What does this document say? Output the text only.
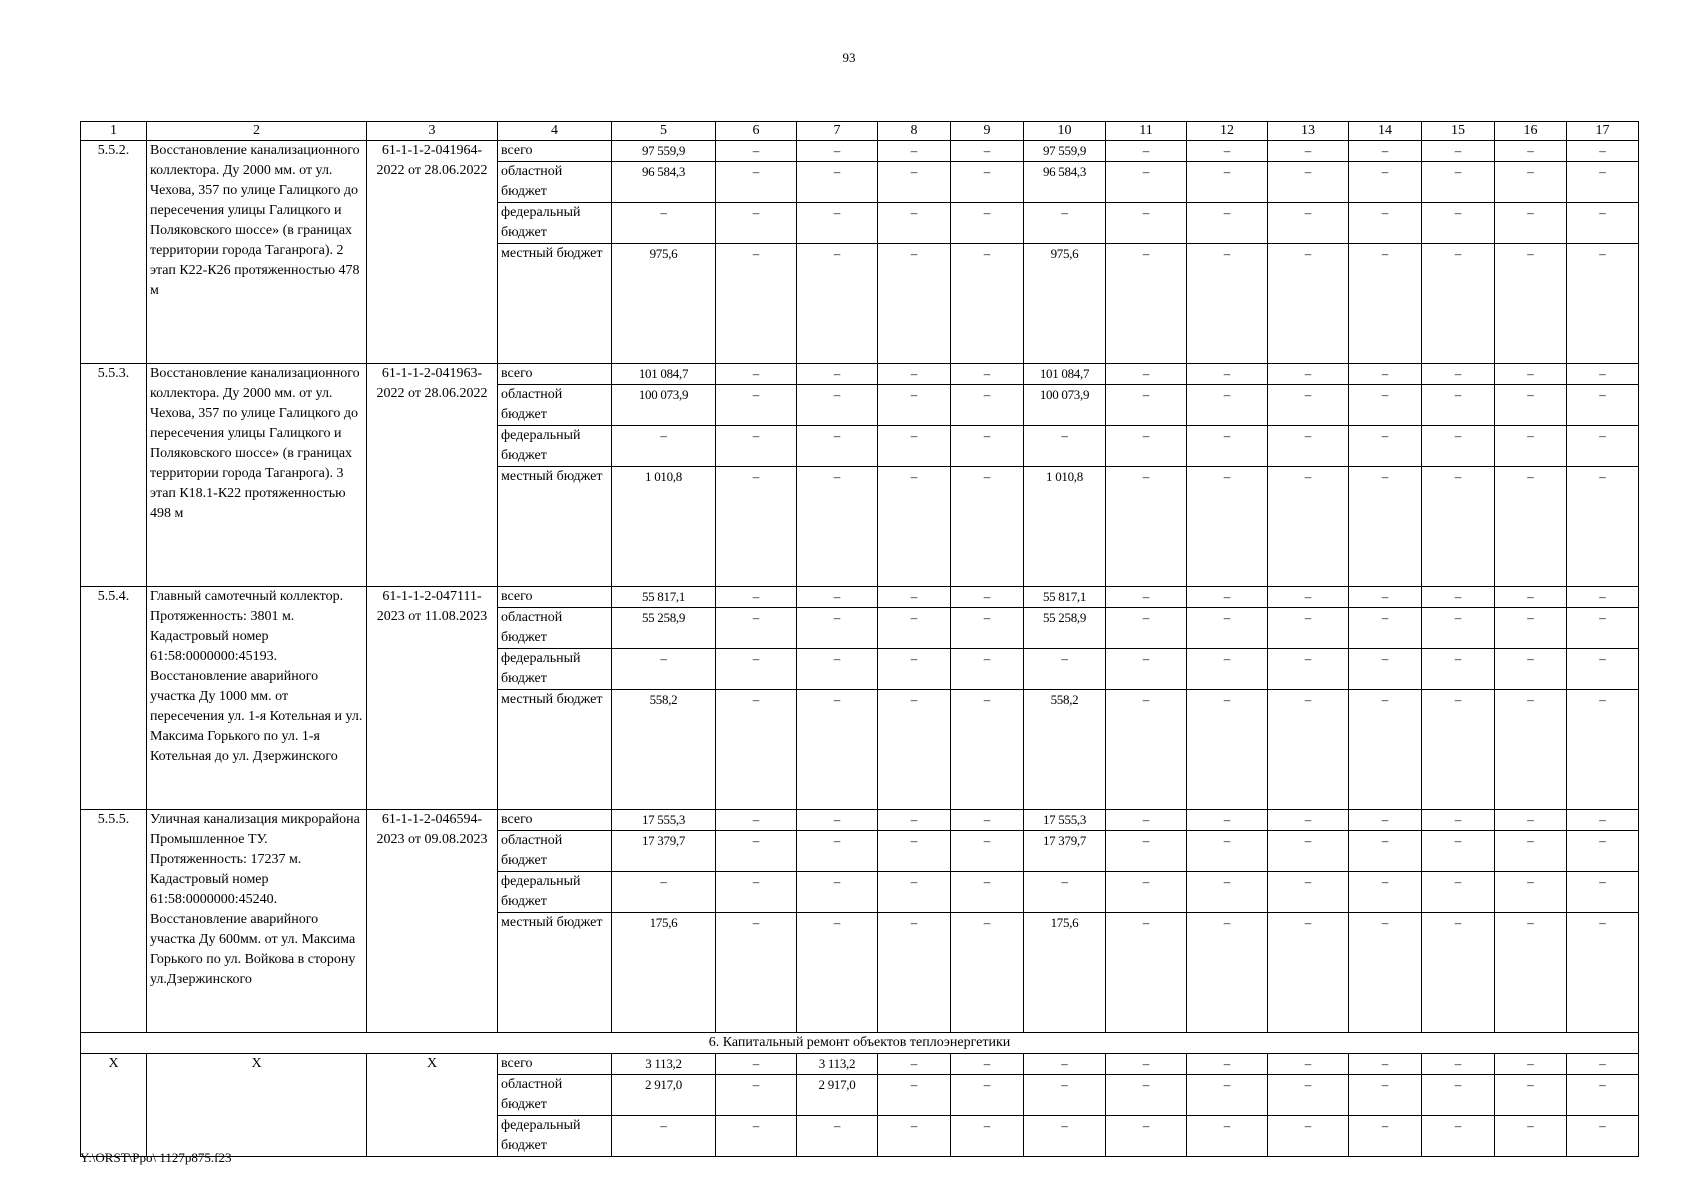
93
1	2	3	4	5	6	7	8	9	10	11	12	13	14	15	16	17
5.5.2.	Восстановление канализационного коллектора. Ду 2000 мм. от ул. Чехова, 357 по улице Галицкого до пересечения улицы Галицкого и Поляковского шоссе» (в границах территории города Таганрога). 2 этап К22-К26 протяженностью 478 м	61-1-1-2-041964-2022 от 28.06.2022	всего	97 559,9	–	–	–	–	97 559,9	–	–	–	–	–	–	–
			областной бюджет	96 584,3	–	–	–	–	96 584,3	–	–	–	–	–	–	–
			федеральный бюджет	–	–	–	–	–	–	–	–	–	–	–	–	–
			местный бюджет	975,6	–	–	–	–	975,6	–	–	–	–	–	–	–
5.5.3.	Восстановление канализационного коллектора. Ду 2000 мм. от ул. Чехова, 357 по улице Галицкого до пересечения улицы Галицкого и Поляковского шоссе» (в границах территории города Таганрога). 3 этап К18.1-К22 протяженностью 498 м	61-1-1-2-041963-2022 от 28.06.2022	всего	101 084,7	–	–	–	–	101 084,7	–	–	–	–	–	–	–
			областной бюджет	100 073,9	–	–	–	–	100 073,9	–	–	–	–	–	–	–
			федеральный бюджет	–	–	–	–	–	–	–	–	–	–	–	–	–
			местный бюджет	1 010,8	–	–	–	–	1 010,8	–	–	–	–	–	–	–
5.5.4.	Главный самотечный коллектор. Протяженность: 3801 м. Кадастровый номер 61:58:0000000:45193. Восстановление аварийного участка Ду 1000 мм. от пересечения ул. 1-я Котельная и ул. Максима Горького по ул. 1-я Котельная до ул. Дзержинского	61-1-1-2-047111-2023 от 11.08.2023	всего	55 817,1	–	–	–	–	55 817,1	–	–	–	–	–	–	–
			областной бюджет	55 258,9	–	–	–	–	55 258,9	–	–	–	–	–	–	–
			федеральный бюджет	–	–	–	–	–	–	–	–	–	–	–	–	–
			местный бюджет	558,2	–	–	–	–	558,2	–	–	–	–	–	–	–
5.5.5.	Уличная канализация микрорайона Промышленное ТУ. Протяженность: 17237 м. Кадастровый номер 61:58:0000000:45240. Восстановление аварийного участка Ду 600мм. от ул. Максима Горького по ул. Войкова в сторону ул.Дзержинского	61-1-1-2-046594-2023 от 09.08.2023	всего	17 555,3	–	–	–	–	17 555,3	–	–	–	–	–	–	–
			областной бюджет	17 379,7	–	–	–	–	17 379,7	–	–	–	–	–	–	–
			федеральный бюджет	–	–	–	–	–	–	–	–	–	–	–	–	–
			местный бюджет	175,6	–	–	–	–	175,6	–	–	–	–	–	–	–
6. Капитальный ремонт объектов теплоэнергетики																
X	X	X	всего	3 113,2	–	3 113,2	–	–	–	–	–	–	–	–	–	–
			областной бюджет	2 917,0	–	2 917,0	–	–	–	–	–	–	–	–	–	–
			федеральный бюджет	–	–	–	–	–	–	–	–	–	–	–	–	–
Y:\ORST\Ppo\ 1127p875.f23
